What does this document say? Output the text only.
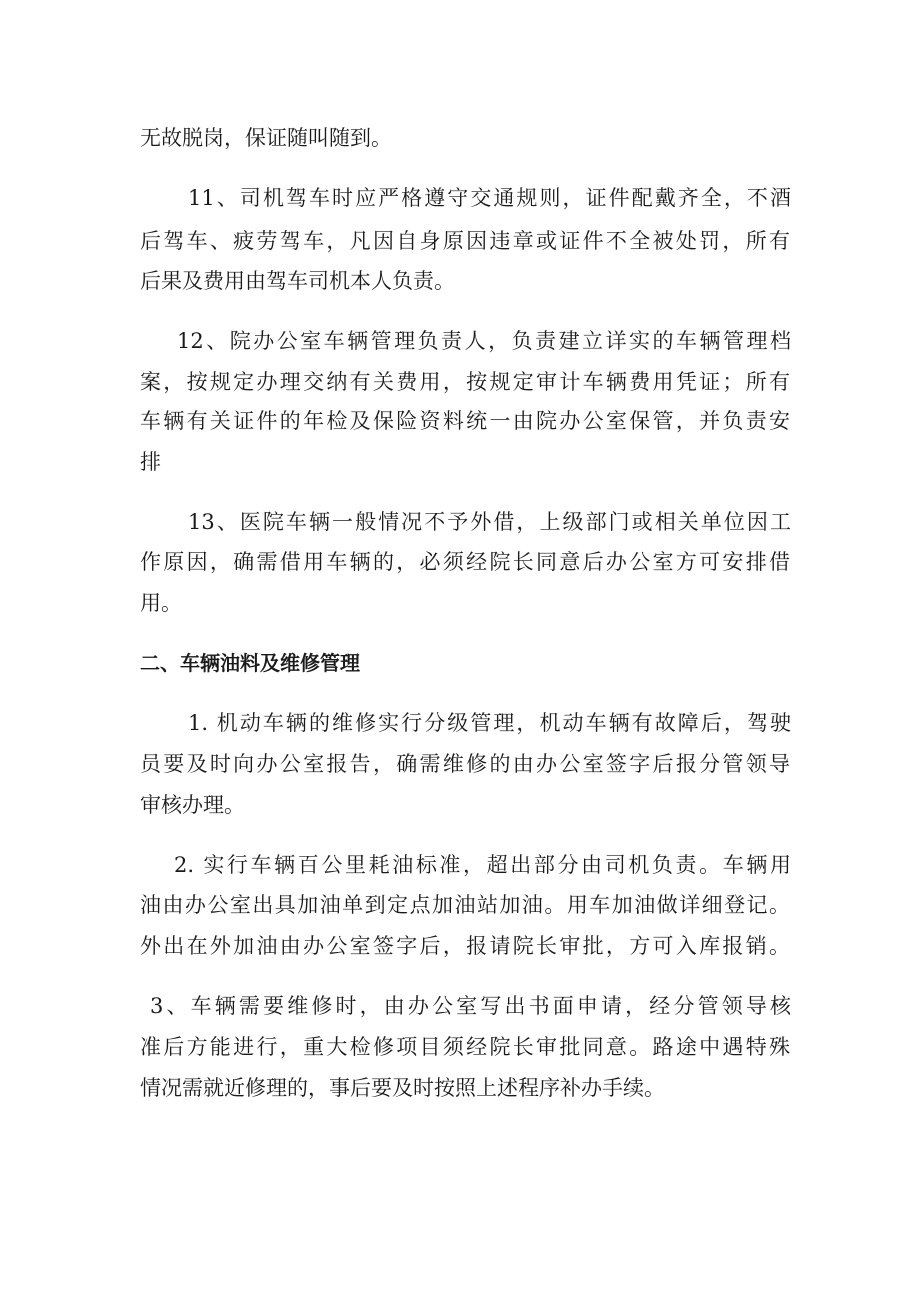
无故脱岗，保证随叫随到。
11、司机驾车时应严格遵守交通规则，证件配戴齐全，不酒
后驾车、疲劳驾车，凡因自身原因违章或证件不全被处罚，所有
后果及费用由驾车司机本人负责。
12、院办公室车辆管理负责人，负责建立详实的车辆管理档
案，按规定办理交纳有关费用，按规定审计车辆费用凭证；所有
车辆有关证件的年检及保险资料统一由院办公室保管，并负责安
排
13、医院车辆一般情况不予外借，上级部门或相关单位因工
作原因，确需借用车辆的，必须经院长同意后办公室方可安排借
用。
二、车辆油料及维修管理
1. 机动车辆的维修实行分级管理，机动车辆有故障后，驾驶
员要及时向办公室报告，确需维修的由办公室签字后报分管领导
审核办理。
2. 实行车辆百公里耗油标准，超出部分由司机负责。车辆用
油由办公室出具加油单到定点加油站加油。用车加油做详细登记。
外出在外加油由办公室签字后，报请院长审批，方可入库报销。
3、车辆需要维修时，由办公室写出书面申请，经分管领导核
准后方能进行，重大检修项目须经院长审批同意。路途中遇特殊
情况需就近修理的，事后要及时按照上述程序补办手续。
